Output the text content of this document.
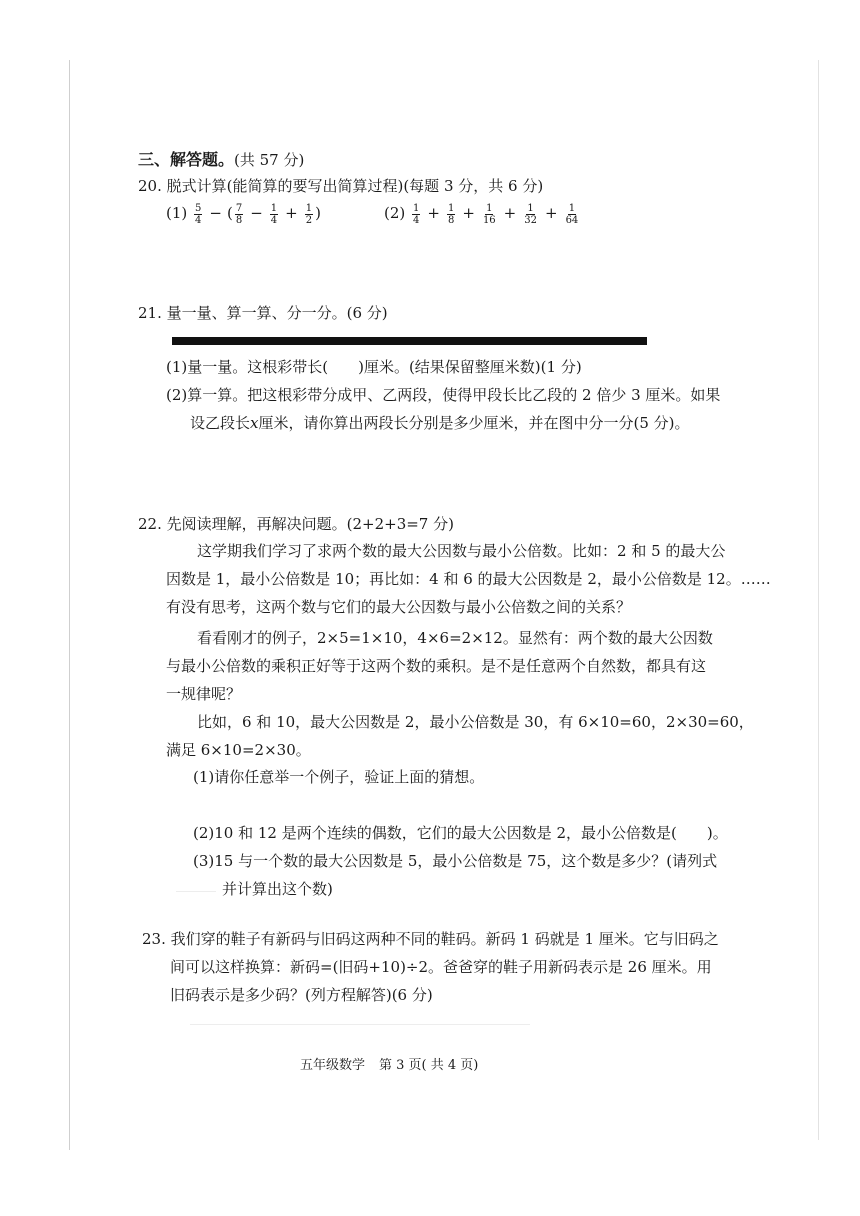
三、解答题。(共 57 分)
20. 脱式计算(能简算的要写出简算过程)(每题 3 分，共 6 分)
$(1) \frac{5}{4}$ − ( $\frac{7}{8} - \frac{1}{4} + \frac{1}{2}$ )	$(2) \frac{1}{4} + \frac{1}{8} + \frac{1}{16} + \frac{1}{32} + \frac{1}{64}$
21. 量一量、算一算、分一分。(6 分)
(1)量一量。这根彩带长(　　)厘米。(结果保留整厘米数)(1 分)
(2)算一算。把这根彩带分成甲、乙两段，使得甲段长比乙段的 2 倍少 3 厘米。如果
设乙段长x厘米，请你算出两段长分别是多少厘米，并在图中分一分(5 分)。
22. 先阅读理解，再解决问题。(2+2+3=7 分)
这学期我们学习了求两个数的最大公因数与最小公倍数。比如：2 和 5 的最大公
因数是 1，最小公倍数是 10；再比如：4 和 6 的最大公因数是 2，最小公倍数是 12。……
有没有思考，这两个数与它们的最大公因数与最小公倍数之间的关系？
看看刚才的例子，2×5=1×10，4×6=2×12。显然有：两个数的最大公因数
与最小公倍数的乘积正好等于这两个数的乘积。是不是任意两个自然数，都具有这
一规律呢？
比如，6 和 10，最大公因数是 2，最小公倍数是 30，有 6×10=60，2×30=60，
满足 6×10=2×30。
(1)请你任意举一个例子，验证上面的猜想。
(2)10 和 12 是两个连续的偶数，它们的最大公因数是 2，最小公倍数是(　　)。
(3)15 与一个数的最大公因数是 5，最小公倍数是 75，这个数是多少？(请列式
并计算出这个数)
23. 我们穿的鞋子有新码与旧码这两种不同的鞋码。新码 1 码就是 1 厘米。它与旧码之
间可以这样换算：新码=(旧码+10)÷2。爸爸穿的鞋子用新码表示是 26 厘米。用
旧码表示是多少码？(列方程解答)(6 分)
五年级数学 第 3 页( 共 4 页)
